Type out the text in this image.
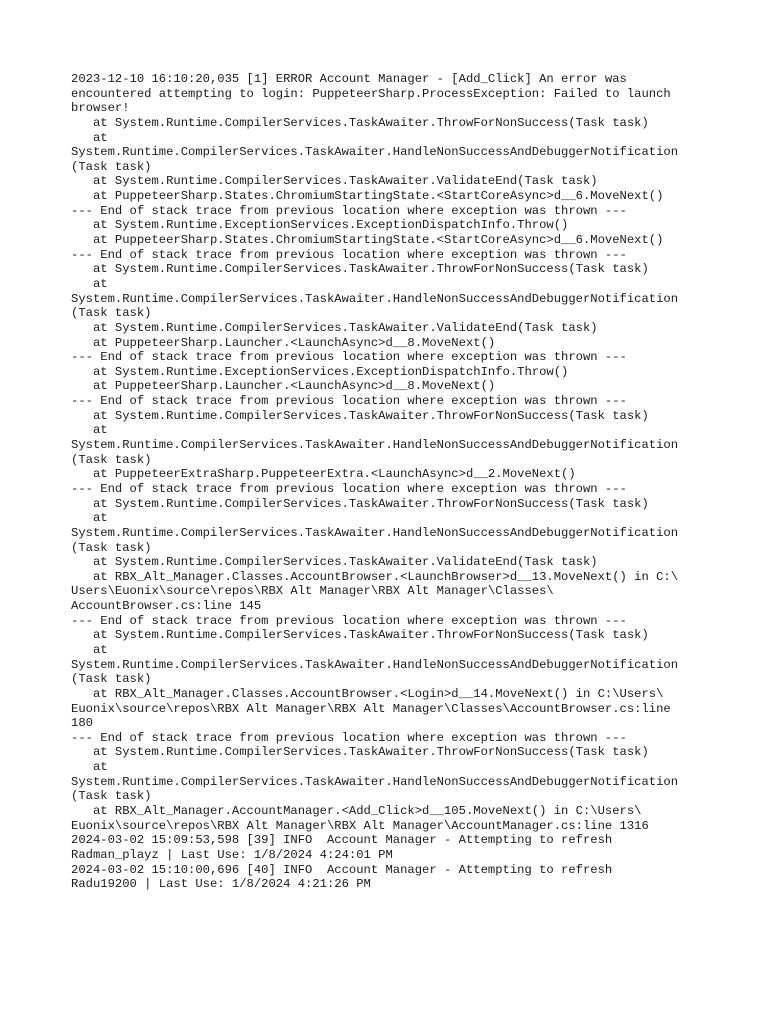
2023-12-10 16:10:20,035 [1] ERROR Account Manager - [Add_Click] An error was
encountered attempting to login: PuppeteerSharp.ProcessException: Failed to launch
browser!
at System.Runtime.CompilerServices.TaskAwaiter.ThrowForNonSuccess(Task task)
at
System.Runtime.CompilerServices.TaskAwaiter.HandleNonSuccessAndDebuggerNotification
(Task task)
at System.Runtime.CompilerServices.TaskAwaiter.ValidateEnd(Task task)
at PuppeteerSharp.States.ChromiumStartingState.<StartCoreAsync>d__6.MoveNext()
--- End of stack trace from previous location where exception was thrown ---
at System.Runtime.ExceptionServices.ExceptionDispatchInfo.Throw()
at PuppeteerSharp.States.ChromiumStartingState.<StartCoreAsync>d__6.MoveNext()
--- End of stack trace from previous location where exception was thrown ---
at System.Runtime.CompilerServices.TaskAwaiter.ThrowForNonSuccess(Task task)
at
System.Runtime.CompilerServices.TaskAwaiter.HandleNonSuccessAndDebuggerNotification
(Task task)
at System.Runtime.CompilerServices.TaskAwaiter.ValidateEnd(Task task)
at PuppeteerSharp.Launcher.<LaunchAsync>d__8.MoveNext()
--- End of stack trace from previous location where exception was thrown ---
at System.Runtime.ExceptionServices.ExceptionDispatchInfo.Throw()
at PuppeteerSharp.Launcher.<LaunchAsync>d__8.MoveNext()
--- End of stack trace from previous location where exception was thrown ---
at System.Runtime.CompilerServices.TaskAwaiter.ThrowForNonSuccess(Task task)
at
System.Runtime.CompilerServices.TaskAwaiter.HandleNonSuccessAndDebuggerNotification
(Task task)
at PuppeteerExtraSharp.PuppeteerExtra.<LaunchAsync>d__2.MoveNext()
--- End of stack trace from previous location where exception was thrown ---
at System.Runtime.CompilerServices.TaskAwaiter.ThrowForNonSuccess(Task task)
at
System.Runtime.CompilerServices.TaskAwaiter.HandleNonSuccessAndDebuggerNotification
(Task task)
at System.Runtime.CompilerServices.TaskAwaiter.ValidateEnd(Task task)
at RBX_Alt_Manager.Classes.AccountBrowser.<LaunchBrowser>d__13.MoveNext() in C:\
Users\Euonix\source\repos\RBX Alt Manager\RBX Alt Manager\Classes\
AccountBrowser.cs:line 145
--- End of stack trace from previous location where exception was thrown ---
at System.Runtime.CompilerServices.TaskAwaiter.ThrowForNonSuccess(Task task)
at
System.Runtime.CompilerServices.TaskAwaiter.HandleNonSuccessAndDebuggerNotification
(Task task)
at RBX_Alt_Manager.Classes.AccountBrowser.<Login>d__14.MoveNext() in C:\Users\
Euonix\source\repos\RBX Alt Manager\RBX Alt Manager\Classes\AccountBrowser.cs:line
180
--- End of stack trace from previous location where exception was thrown ---
at System.Runtime.CompilerServices.TaskAwaiter.ThrowForNonSuccess(Task task)
at
System.Runtime.CompilerServices.TaskAwaiter.HandleNonSuccessAndDebuggerNotification
(Task task)
at RBX_Alt_Manager.AccountManager.<Add_Click>d__105.MoveNext() in C:\Users\
Euonix\source\repos\RBX Alt Manager\RBX Alt Manager\AccountManager.cs:line 1316
2024-03-02 15:09:53,598 [39] INFO  Account Manager - Attempting to refresh
Radman_playz | Last Use: 1/8/2024 4:24:01 PM
2024-03-02 15:10:00,696 [40] INFO  Account Manager - Attempting to refresh
Radu19200 | Last Use: 1/8/2024 4:21:26 PM
